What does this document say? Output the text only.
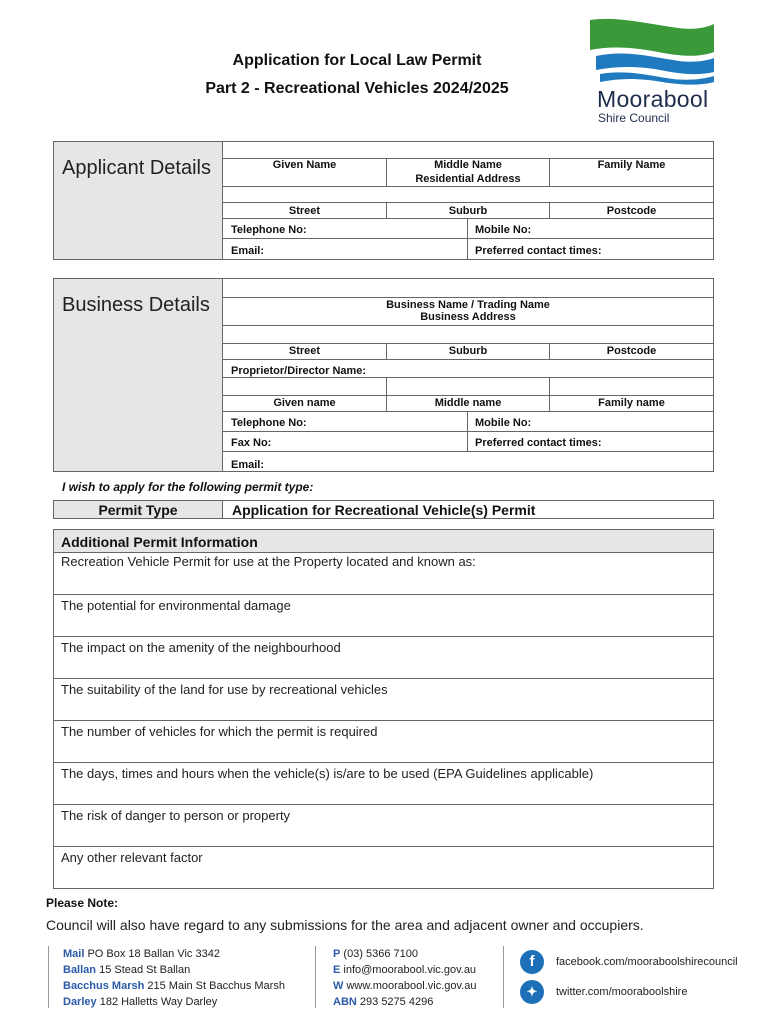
Application for Local Law Permit
Part 2 - Recreational Vehicles 2024/2025	Moorabool
Shire Council
Applicant Details	Given Name	Middle Name	Family Name
Residential Address
Street	Suburb	Postcode
Telephone No:	Mobile No:
Email:	Preferred contact times:
Business Details	Business Name / Trading Name
Business Address
Street	Suburb	Postcode
Proprietor/Director Name:
Given name	Middle name	Family name
Telephone No:	Mobile No:
Fax No:	Preferred contact times:
Email:
I wish to apply for the following permit type:
Permit Type	Application for Recreational Vehicle(s) Permit
Additional Permit Information
Recreation Vehicle Permit for use at the Property located and known as:
The potential for environmental damage
The impact on the amenity of the neighbourhood
The suitability of the land for use by recreational vehicles
The number of vehicles for which the permit is required
The days, times and hours when the vehicle(s) is/are to be used (EPA Guidelines applicable)
The risk of danger to person or property
Any other relevant factor
Please Note:
Council will also have regard to any submissions for the area and adjacent owner and occupiers.
Mail PO Box 18 Ballan Vic 3342
Ballan 15 Stead St Ballan
Bacchus Marsh 215 Main St Bacchus Marsh
Darley 182 Halletts Way Darley
P (03) 5366 7100
E info@moorabool.vic.gov.au
W www.moorabool.vic.gov.au
ABN 293 5275 4296
f	facebook.com/mooraboolshirecouncil
✦	twitter.com/mooraboolshire
